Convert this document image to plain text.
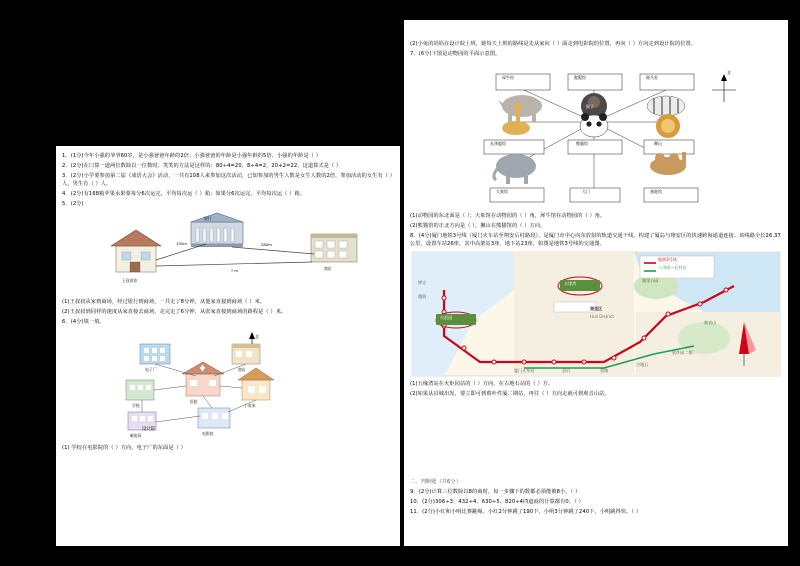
1．(1分)今年小强的爷爷60岁，是小强爸爸年龄的2倍；小强爸爸的年龄是小强年龄的5倍。小强的年龄是（ ）
2．(2分)在口算一道两位数除以一位数时，笑笑的方法是这样的：80÷4=20，8÷4=2，20+2=22，这道算式是（ ）
3．(2分)小学要参加第二届《成语大会》活动，一共有108人来参加这次活动，已知参加的男生人数是女生人数的2倍，参加活动的女生有（ ）人，男生有（ ）人。
4．(2分)有168箱苹果水果要每分6次运完，平均每次运（ ）箱；如果分6次运完，平均每次运（ ）箱。
5．(2分)
135m	280m
? m
银行
商店
王叔叔家
(1)王叔叔从家到商场，经过银行到商场，一共走了8分钟，从他家直接到商场（ ）米。
(2)王叔叔到同样的速度从家直接去商场，走完走了6分钟，从张家直接到商场的路程是（ ）米。
6．(4分)填一填。
北
电子厂	商店
医院
学校
邮电局
小英家
电影院
设计院
(1) 学校在电影院的（ ）方向，电子厂的东面是（ ）
(2)小兔的妈妈在设计院上班，她每天上班的路线是先从家向（ ）面走到电影院的位置，再向（ ）方向走到设计院的位置。
7．(6分)下图是动物园的平面示意图。
北
犀牛馆	猩猩馆	斑马室
长颈鹿馆	熊猫馆	狮山
大象馆	骆驼馆
大门
猴子
(1)动物园的东北面是（ ）；大象馆在动物园的（ ）角，犀牛馆在动物园的（ ）角。
(2)熊猫馆的正北方向是（ ），狮山在熊猫馆的（ ）方向。
8．(4分)厦门地铁3号线（厦门火车站至翔安后村路段），是厦门市中心向东放射的轨道交通干线，构建了厦岛与翔安区的快速跨海通道连接。该线路全长26.37公里，设置车站26座，其中高架站3座、地下站23座，如图是地铁3号线的交通图。
湖里区
Huli District
地铁3号线
八市街—后村站
五缘湾
火炬园
钟宅
穆厝
湖里公园
观音山
厦门火车站	县后	蔡塘
古地石
软件园二期
(1)五缘湾站在火炬园站的（ ）方向，在古地石站的（ ）方。
(2)如果从县城出发，要立即可到蔡叶件厦二期站，再往（ ）方向走就可到观音山站。
二、判断题（共6分）
9．(2分)计算三位数除以8的商时，每一步骤下的数都必须能被8小。（ ）
10．(2分)306÷3、432÷4、630÷5、820÷4四道商的计算都有0。（ ）
11．(2分)小红和小明比赛跳绳。小红2分钟跳了190下，小明3分钟跳了240下，小明跳得快。（ ）
